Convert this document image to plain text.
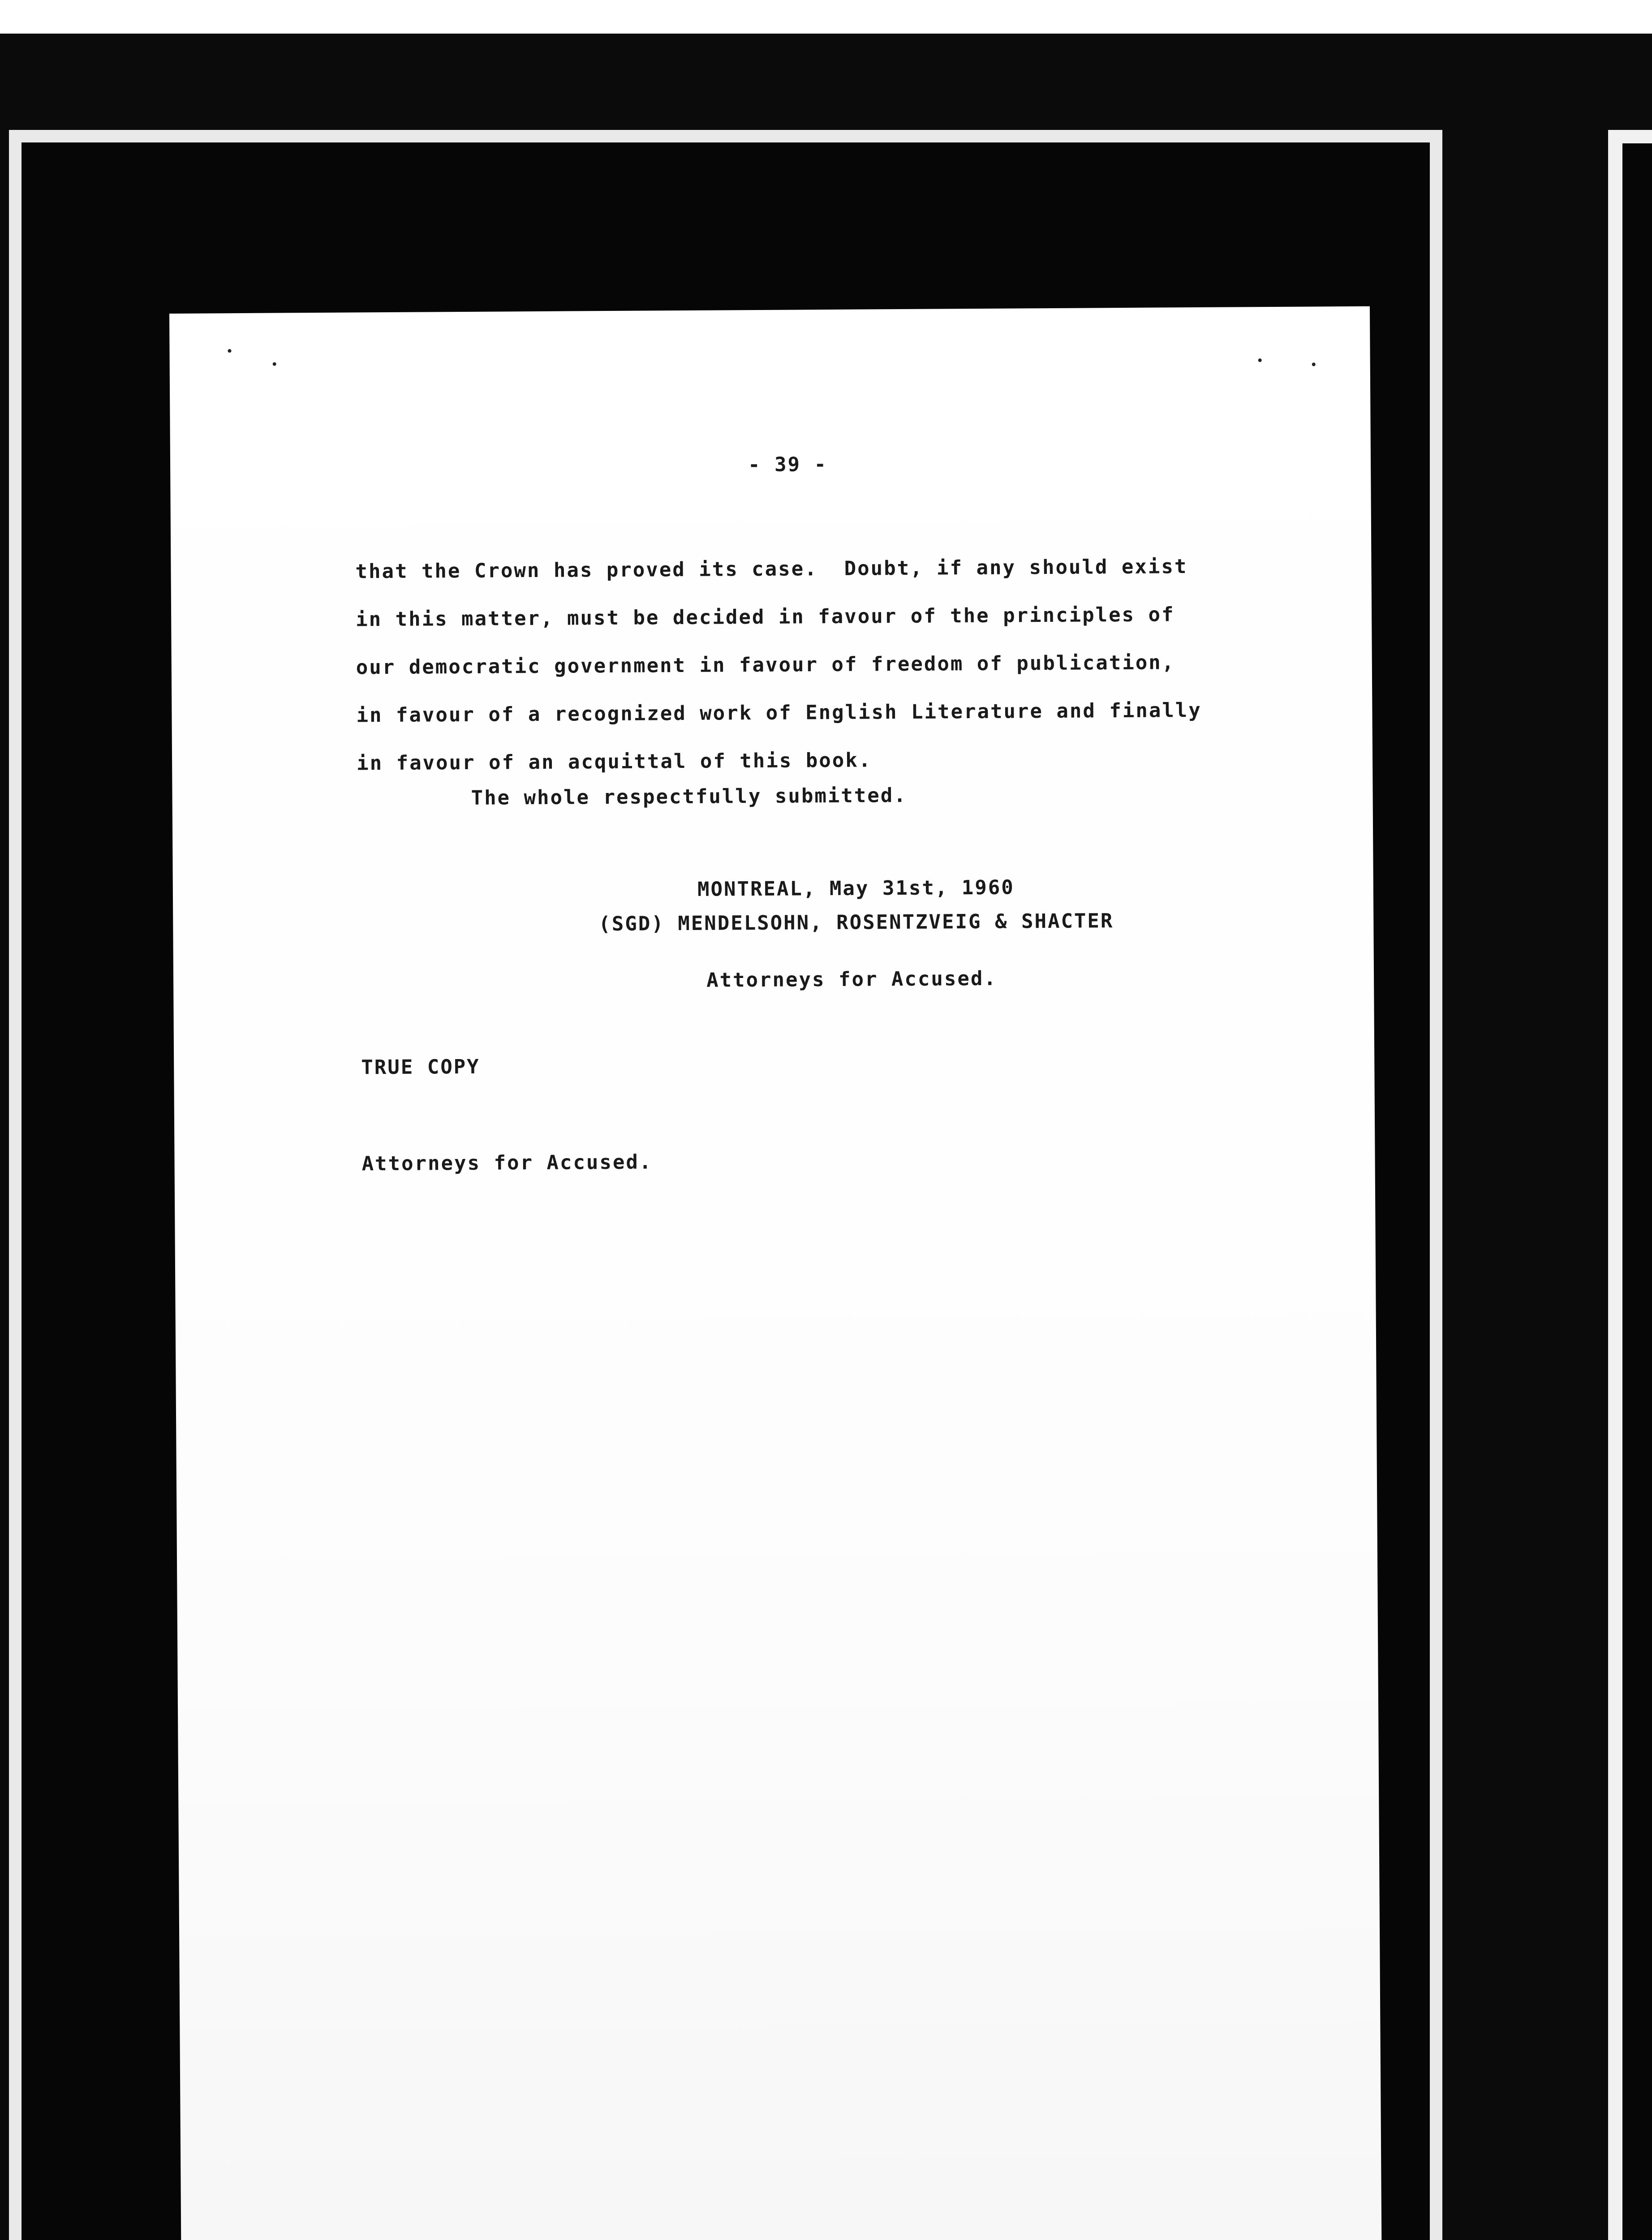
- 39 -
that the Crown has proved its case.  Doubt, if any should exist
in this matter, must be decided in favour of the principles of
our democratic government in favour of freedom of publication,
in favour of a recognized work of English Literature and finally
in favour of an acquittal of this book.
The whole respectfully submitted.
MONTREAL, May 31st, 1960
(SGD) MENDELSOHN, ROSENTZVEIG & SHACTER
Attorneys for Accused.
TRUE COPY
Attorneys for Accused.
